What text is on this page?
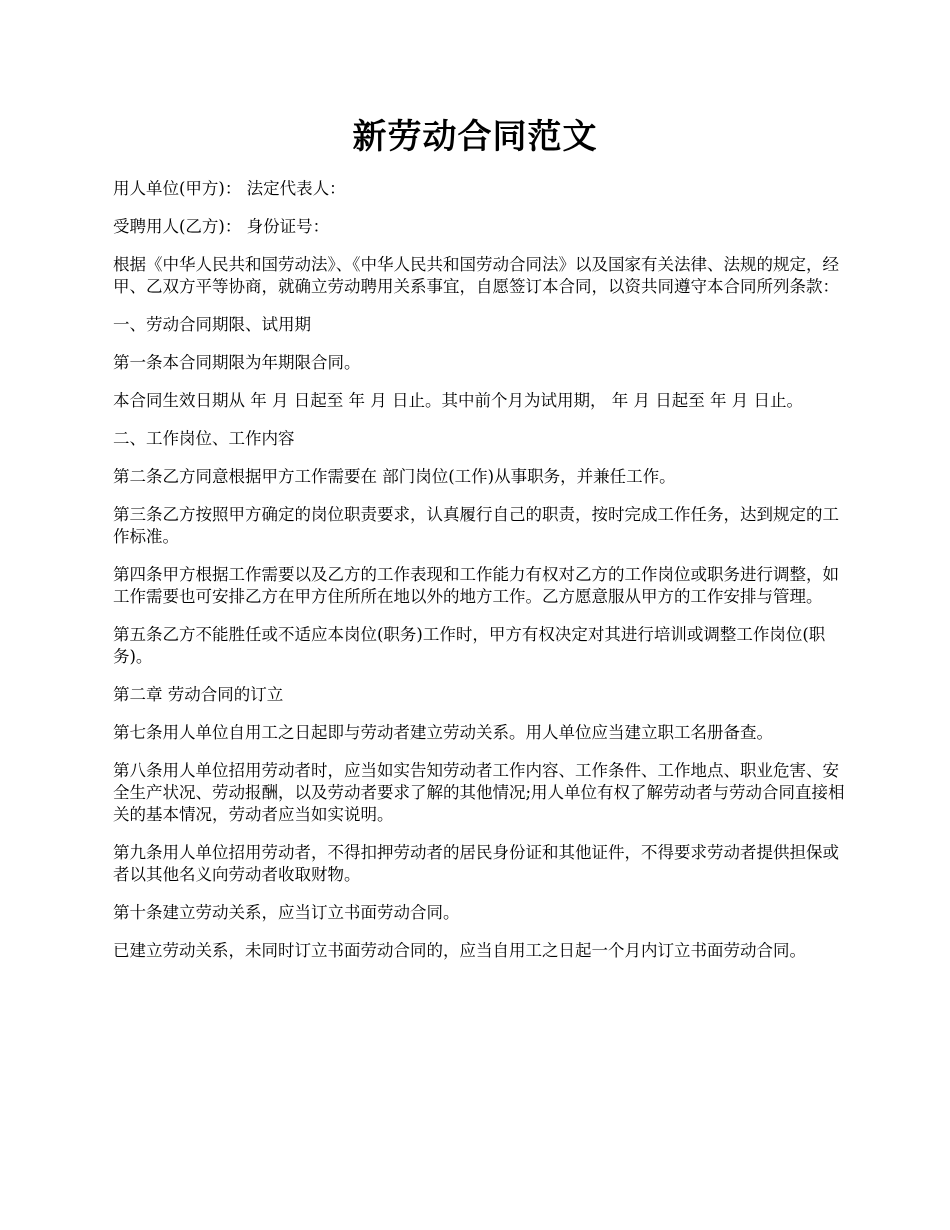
新劳动合同范文

用人单位(甲方)： 法定代表人：

受聘用人(乙方)： 身份证号：

根据《中华人民共和国劳动法》、《中华人民共和国劳动合同法》以及国家有关法律、法规的规定，经甲、乙双方平等协商，就确立劳动聘用关系事宜，自愿签订本合同，以资共同遵守本合同所列条款：

一、劳动合同期限、试用期

第一条本合同期限为年期限合同。

本合同生效日期从 年 月 日起至 年 月 日止。其中前个月为试用期， 年 月 日起至 年 月 日止。

二、工作岗位、工作内容

第二条乙方同意根据甲方工作需要在 部门岗位(工作)从事职务，并兼任工作。

第三条乙方按照甲方确定的岗位职责要求，认真履行自己的职责，按时完成工作任务，达到规定的工作标准。

第四条甲方根据工作需要以及乙方的工作表现和工作能力有权对乙方的工作岗位或职务进行调整，如工作需要也可安排乙方在甲方住所所在地以外的地方工作。乙方愿意服从甲方的工作安排与管理。

第五条乙方不能胜任或不适应本岗位(职务)工作时，甲方有权决定对其进行培训或调整工作岗位(职务)。

第二章 劳动合同的订立

第七条用人单位自用工之日起即与劳动者建立劳动关系。用人单位应当建立职工名册备查。

第八条用人单位招用劳动者时，应当如实告知劳动者工作内容、工作条件、工作地点、职业危害、安全生产状况、劳动报酬，以及劳动者要求了解的其他情况;用人单位有权了解劳动者与劳动合同直接相关的基本情况，劳动者应当如实说明。

第九条用人单位招用劳动者，不得扣押劳动者的居民身份证和其他证件，不得要求劳动者提供担保或者以其他名义向劳动者收取财物。

第十条建立劳动关系，应当订立书面劳动合同。

已建立劳动关系，未同时订立书面劳动合同的，应当自用工之日起一个月内订立书面劳动合同。
